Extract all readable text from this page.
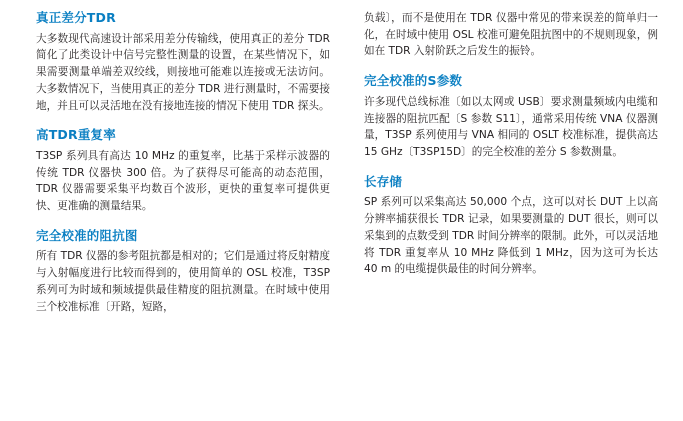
真正差分TDR

大多数现代高速设计部采用差分传输线，使用真正的差分 TDR 简化了此类设计中信号完整性测量的设置，在某些情况下，如果需要测量单端差双绞线，则接地可能难以连接或无法访问。大多数情况下，当使用真正的差分 TDR 进行测量时，不需要接地，并且可以灵活地在没有接地连接的情况下使用 TDR 探头。

高TDR重复率

T3SP 系列具有高达 10 MHz 的重复率，比基于采样示波器的传统 TDR 仪器快 300 倍。为了获得尽可能高的动态范围，TDR 仪器需要采集平均数百个波形，更快的重复率可提供更快、更准确的测量结果。

完全校准的阻抗图

所有 TDR 仪器的参考阻抗都是相对的；它们是通过将反射精度与入射幅度进行比较而得到的，使用简单的 OSL 校准，T3SP 系列可为时域和频域提供最佳精度的阻抗测量。在时域中使用三个校准标准〔开路，短路，

负载〕，而不是使用在 TDR 仪器中常见的带来误差的简单归一化，在时域中使用 OSL 校准可避免阻抗图中的不规则现象，例如在 TDR 入射阶跃之后发生的振铃。

完全校准的S参数

许多现代总线标准〔如以太网或 USB〕要求测量频域内电缆和连接器的阻抗匹配〔S 参数 S11〕，通常采用传统 VNA 仪器测量，T3SP 系列使用与 VNA 相同的 OSLT 校准标准，提供高达 15 GHz〔T3SP15D〕的完全校准的差分 S 参数测量。

长存储

SP 系列可以采集高达 50,000 个点，这可以对长 DUT 上以高分辨率捕获很长 TDR 记录，如果要测量的 DUT 很长，则可以采集到的点数受到 TDR 时间分辨率的限制。此外，可以灵活地将 TDR 重复率从 10 MHz 降低到 1 MHz，因为这可为长达 40 m 的电缆提供最佳的时间分辨率。
